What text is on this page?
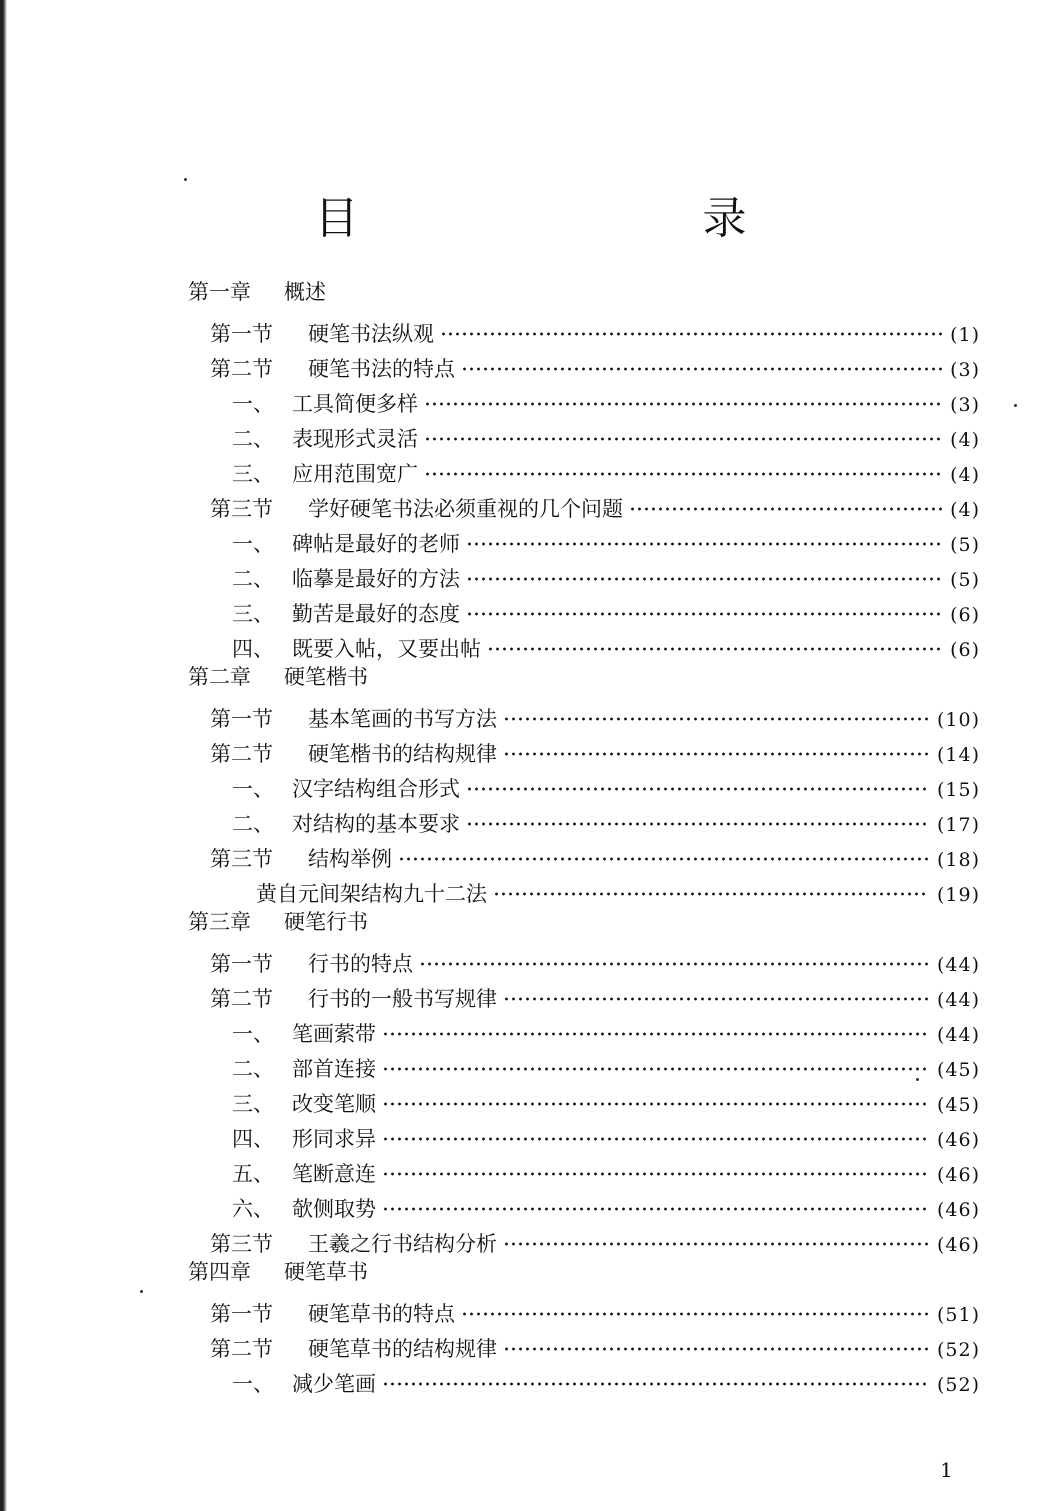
目　录
第一章	概述
第一节	硬笔书法纵观	(1)
第二节	硬笔书法的特点	(3)
一、 工具简便多样	(3)
二、 表现形式灵活	(4)
三、 应用范围宽广	(4)
第三节	学好硬笔书法必须重视的几个问题	(4)
一、 碑帖是最好的老师	(5)
二、 临摹是最好的方法	(5)
三、 勤苦是最好的态度	(6)
四、 既要入帖，又要出帖	(6)
第二章	硬笔楷书
第一节	基本笔画的书写方法	(10)
第二节	硬笔楷书的结构规律	(14)
一、 汉字结构组合形式	(15)
二、 对结构的基本要求	(17)
第三节	结构举例	(18)
黄自元间架结构九十二法	(19)
第三章	硬笔行书
第一节	行书的特点	(44)
第二节	行书的一般书写规律	(44)
一、 笔画萦带	(44)
二、 部首连接	(45)
三、 改变笔顺	(45)
四、 形同求异	(46)
五、 笔断意连	(46)
六、 欹侧取势	(46)
第三节	王羲之行书结构分析	(46)
第四章	硬笔草书
第一节	硬笔草书的特点	(51)
第二节	硬笔草书的结构规律	(52)
一、 减少笔画	(52)
1
